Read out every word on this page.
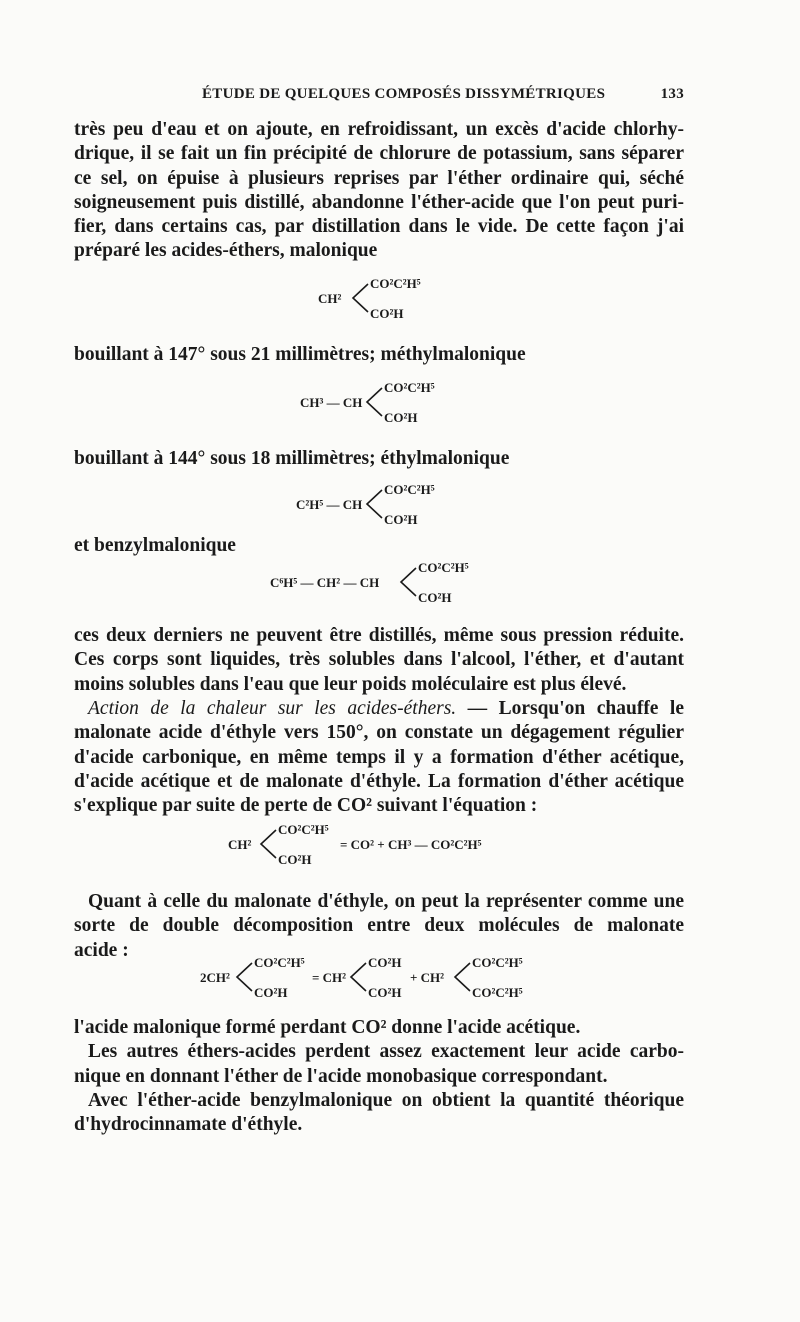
ÉTUDE DE QUELQUES COMPOSÉS DISSYMÉTRIQUES	133
très peu d'eau et on ajoute, en refroidissant, un excès d'acide chlorhy-
drique, il se fait un fin précipité de chlorure de potassium, sans séparer
ce sel, on épuise à plusieurs reprises par l'éther ordinaire qui, séché
soigneusement puis distillé, abandonne l'éther-acide que l'on peut puri-
fier, dans certains cas, par distillation dans le vide. De cette façon j'ai
préparé les acides-éthers, malonique
CH²
CO²C²H⁵
CO²H
bouillant à 147° sous 21 millimètres; méthylmalonique
CH³ — CH
CO²C²H⁵
CO²H
bouillant à 144° sous 18 millimètres; éthylmalonique
C²H⁵ — CH
CO²C²H⁵
CO²H
et benzylmalonique
C⁶H⁵ — CH² — CH
CO²C²H⁵
CO²H
ces deux derniers ne peuvent être distillés, même sous pression réduite.
Ces corps sont liquides, très solubles dans l'alcool, l'éther, et d'autant
moins solubles dans l'eau que leur poids moléculaire est plus élevé.
Action de la chaleur sur les acides-éthers. — Lorsqu'on chauffe le
malonate acide d'éthyle vers 150°, on constate un dégagement régulier
d'acide carbonique, en même temps il y a formation d'éther acétique,
d'acide acétique et de malonate d'éthyle. La formation d'éther acétique
s'explique par suite de perte de CO² suivant l'équation :
CH²
CO²C²H⁵
CO²H
= CO² + CH³ — CO²C²H⁵
Quant à celle du malonate d'éthyle, on peut la représenter comme une
sorte de double décomposition entre deux molécules de malonate
acide :
2CH²
CO²C²H⁵
CO²H
= CH²
CO²H
CO²H
+ CH²
CO²C²H⁵
CO²C²H⁵
l'acide malonique formé perdant CO² donne l'acide acétique.
Les autres éthers-acides perdent assez exactement leur acide carbo-
nique en donnant l'éther de l'acide monobasique correspondant.
Avec l'éther-acide benzylmalonique on obtient la quantité théorique
d'hydrocinnamate d'éthyle.
